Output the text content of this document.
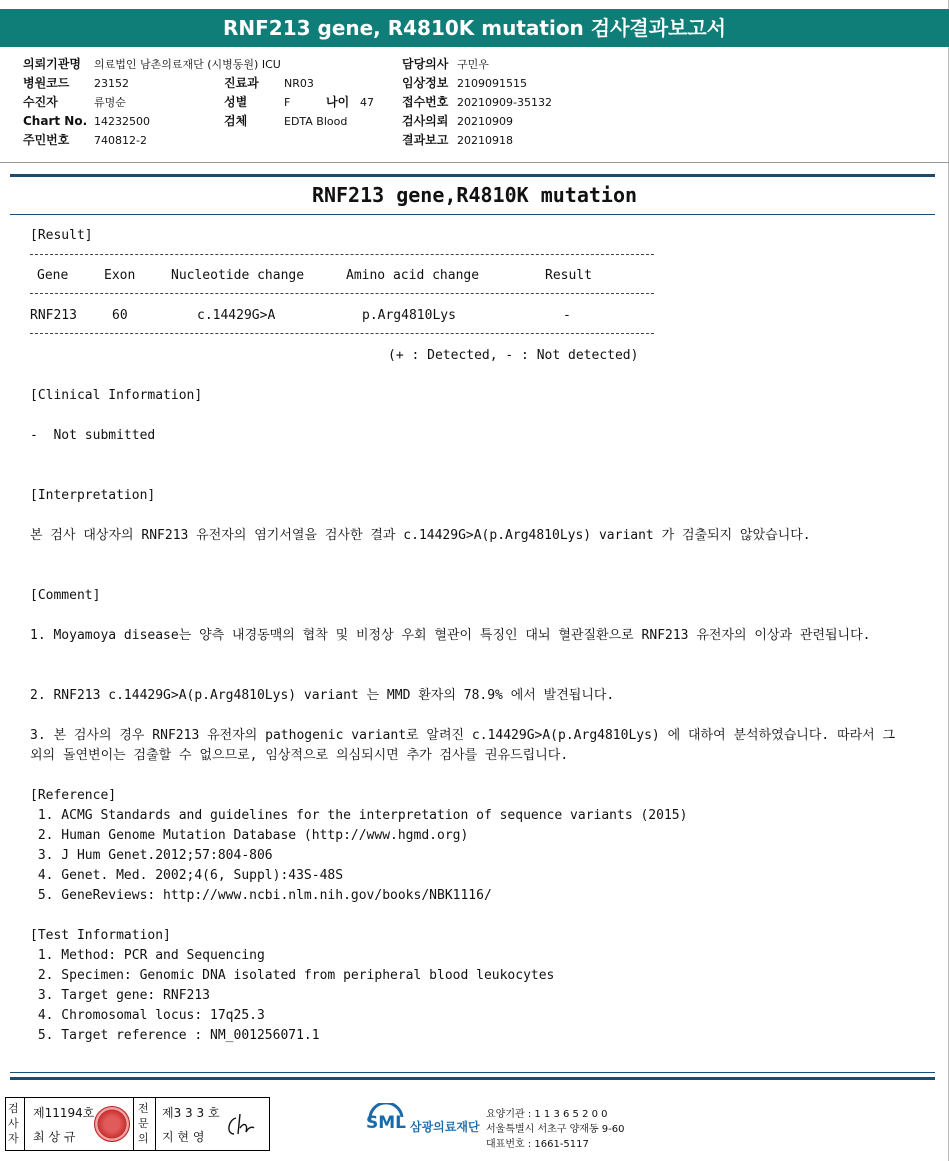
RNF213 gene, R4810K mutation 검사결과보고서
의뢰기관명 의료법인 남촌의료재단 (시병동원) ICU
병원코드 23152
수진자	류명순
Chart No. 14232500
주민번호 740812-2
진료과 NR03
성별	F	나이 47
검체	EDTA Blood
담당의사 구민우
임상정보 2109091515
접수번호 20210909-35132
검사의뢰 20210909
결과보고 20210918
RNF213 gene,R4810K mutation
[Result]
Gene	Exon	Nucleotide change	Amino acid change	Result
RNF213	60	c.14429G>A	p.Arg4810Lys	-
(+ : Detected, - : Not detected)
[Clinical Information]
-  Not submitted
[Interpretation]
본 검사 대상자의 RNF213 유전자의 염기서열을 검사한 결과 c.14429G>A(p.Arg4810Lys) variant 가 검출되지 않았습니다.
[Comment]
1. Moyamoya disease는 양측 내경동맥의 협착 및 비정상 우회 혈관이 특징인 대뇌 혈관질환으로 RNF213 유전자의 이상과 관련됩니다.
2. RNF213 c.14429G>A(p.Arg4810Lys) variant 는 MMD 환자의 78.9% 에서 발견됩니다.
3. 본 검사의 경우 RNF213 유전자의 pathogenic variant로 알려진 c.14429G>A(p.Arg4810Lys) 에 대하여 분석하였습니다. 따라서 그 외의 돌연변이는 검출할 수 없으므로, 임상적으로 의심되시면 추가 검사를 권유드립니다.
[Reference]
1. ACMG Standards and guidelines for the interpretation of sequence variants (2015)
2. Human Genome Mutation Database (http://www.hgmd.org)
3. J Hum Genet.2012;57:804-806
4. Genet. Med. 2002;4(6, Suppl):43S-48S
5. GeneReviews: http://www.ncbi.nlm.nih.gov/books/NBK1116/
[Test Information]
1. Method: PCR and Sequencing
2. Specimen: Genomic DNA isolated from peripheral blood leukocytes
3. Target gene: RNF213
4. Chromosomal locus: 17q25.3
5. Target reference : NM_001256071.1
검사자
제11194호
최 상 규
전문의
제3 3 3 호
지 현 영
SML 삼광의료재단
요양기관 : 1 1 3 6 5 2 0 0
서울특별시 서초구 양재동 9-60
대표번호 : 1661-5117
